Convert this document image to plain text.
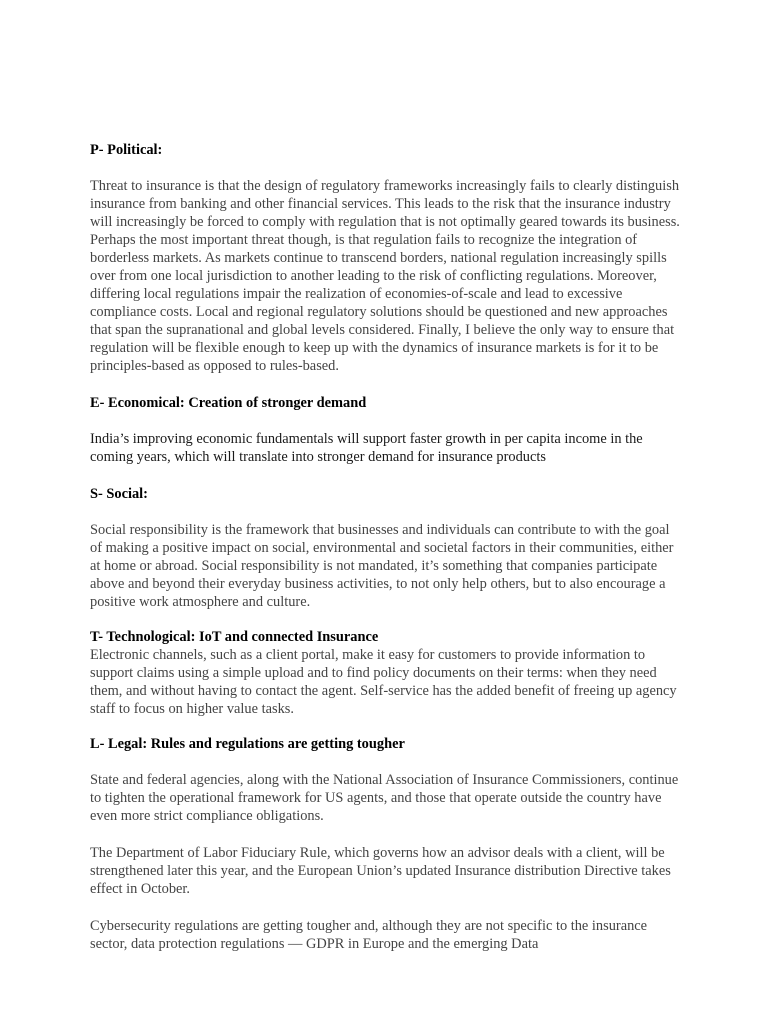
P- Political:

Threat to insurance is that the design of regulatory frameworks increasingly fails to clearly distinguish insurance from banking and other financial services. This leads to the risk that the insurance industry will increasingly be forced to comply with regulation that is not optimally geared towards its business. Perhaps the most important threat though, is that regulation fails to recognize the integration of borderless markets. As markets continue to transcend borders, national regulation increasingly spills over from one local jurisdiction to another leading to the risk of conflicting regulations. Moreover, differing local regulations impair the realization of economies-of-scale and lead to excessive compliance costs. Local and regional regulatory solutions should be questioned and new approaches that span the supranational and global levels considered. Finally, I believe the only way to ensure that regulation will be flexible enough to keep up with the dynamics of insurance markets is for it to be principles-based as opposed to rules-based.

E- Economical: Creation of stronger demand

India’s improving economic fundamentals will support faster growth in per capita income in the coming years, which will translate into stronger demand for insurance products

S- Social:

Social responsibility is the framework that businesses and individuals can contribute to with the goal of making a positive impact on social, environmental and societal factors in their communities, either at home or abroad. Social responsibility is not mandated, it’s something that companies participate above and beyond their everyday business activities, to not only help others, but to also encourage a positive work atmosphere and culture.

T- Technological: IoT and connected Insurance

Electronic channels, such as a client portal, make it easy for customers to provide information to support claims using a simple upload and to find policy documents on their terms: when they need them, and without having to contact the agent. Self-service has the added benefit of freeing up agency staff to focus on higher value tasks.

L- Legal: Rules and regulations are getting tougher

State and federal agencies, along with the National Association of Insurance Commissioners, continue to tighten the operational framework for US agents, and those that operate outside the country have even more strict compliance obligations.

The Department of Labor Fiduciary Rule, which governs how an advisor deals with a client, will be strengthened later this year, and the European Union’s updated Insurance distribution Directive takes effect in October.

Cybersecurity regulations are getting tougher and, although they are not specific to the insurance sector, data protection regulations — GDPR in Europe and the emerging Data
